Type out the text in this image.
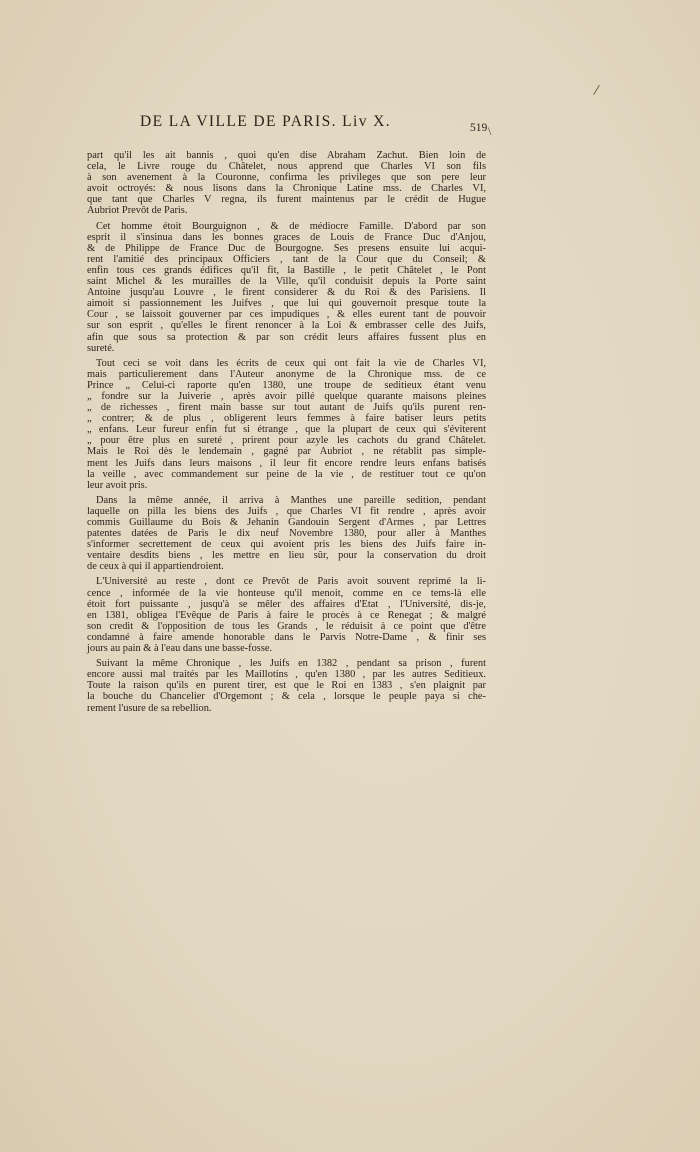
/
\
DE LA VILLE DE PARIS. Liv X.	519
part qu'il les ait bannis , quoi qu'en dise Abraham Zachut. Bien loin de
cela, le Livre rouge du Châtelet, nous apprend que Charles VI son fils
à son avenement à la Couronne, confirma les privileges que son pere leur
avoit octroyés: & nous lisons dans la Chronique Latine mss. de Charles VI,
que tant que Charles V regna, ils furent maintenus par le crédit de Hugue
Aubriot Prevôt de Paris.
Cet homme étoit Bourguignon , & de médiocre Famille. D'abord par son
esprit il s'insinua dans les bonnes graces de Louis de France Duc d'Anjou,
& de Philippe de France Duc de Bourgogne. Ses presens ensuite lui acqui-
rent l'amitié des principaux Officiers , tant de la Cour que du Conseil; &
enfin tous ces grands édifices qu'il fit, la Bastille , le petit Châtelet , le Pont
saint Michel & les murailles de la Ville, qu'il conduisit depuis la Porte saint
Antoine jusqu'au Louvre , le firent considerer & du Roi & des Parisiens. Il
aimoit si passionnement les Juifves , que lui qui gouvernoit presque toute la
Cour , se laissoit gouverner par ces impudiques , & elles eurent tant de pouvoir
sur son esprit , qu'elles le firent renoncer à la Loi & embrasser celle des Juifs,
afin que sous sa protection & par son crédit leurs affaires fussent plus en
sureté.
Tout ceci se voit dans les écrits de ceux qui ont fait la vie de Charles VI,
mais particulierement dans l'Auteur anonyme de la Chronique mss. de ce
Prince „ Celui-ci raporte qu'en 1380, une troupe de seditieux étant venu
„ fondre sur la Juiverie , après avoir pillé quelque quarante maisons pleines
„ de richesses , firent main basse sur tout autant de Juifs qu'ils purent ren-
„ contrer; & de plus , obligerent leurs femmes à faire batiser leurs petits
„ enfans. Leur fureur enfin fut si étrange , que la plupart de ceux qui s'éviterent
„ pour être plus en sureté , prirent pour azyle les cachots du grand Châtelet.
Mais le Roi dès le lendemain , gagné par Aubriot , ne rétablit pas simple-
ment les Juifs dans leurs maisons , il leur fit encore rendre leurs enfans batisés
la veille , avec commandement sur peine de la vie , de restituer tout ce qu'on
leur avoit pris.
Dans la même année, il arriva à Manthes une pareille sedition, pendant
laquelle on pilla les biens des Juifs , que Charles VI fit rendre , après avoir
commis Guillaume du Bois & Jehanin Gandouin Sergent d'Armes , par Lettres
patentes datées de Paris le dix neuf Novembre 1380, pour aller à Manthes
s'informer secrettement de ceux qui avoient pris les biens des Juifs faire in-
ventaire desdits biens , les mettre en lieu sûr, pour la conservation du droit
de ceux à qui il appartiendroient.
L'Université au reste , dont ce Prevôt de Paris avoit souvent reprimé la li-
cence , informée de la vie honteuse qu'il menoit, comme en ce tems-là elle
étoit fort puissante , jusqu'à se mêler des affaires d'Etat , l'Université, dis-je,
en 1381, obligea l'Evêque de Paris à faire le procès à ce Renegat ; & malgré
son credit & l'opposition de tous les Grands , le réduisit à ce point que d'être
condamné à faire amende honorable dans le Parvis Notre-Dame , & finir ses
jours au pain & à l'eau dans une basse-fosse.
Suivant la même Chronique , les Juifs en 1382 , pendant sa prison , furent
encore aussi mal traités par les Maillotins , qu'en 1380 , par les autres Seditieux.
Toute la raison qu'ils en purent tirer, est que le Roi en 1383 , s'en plaignit par
la bouche du Chancelier d'Orgemont ; & cela , lorsque le peuple paya si che-
rement l'usure de sa rebellion.
